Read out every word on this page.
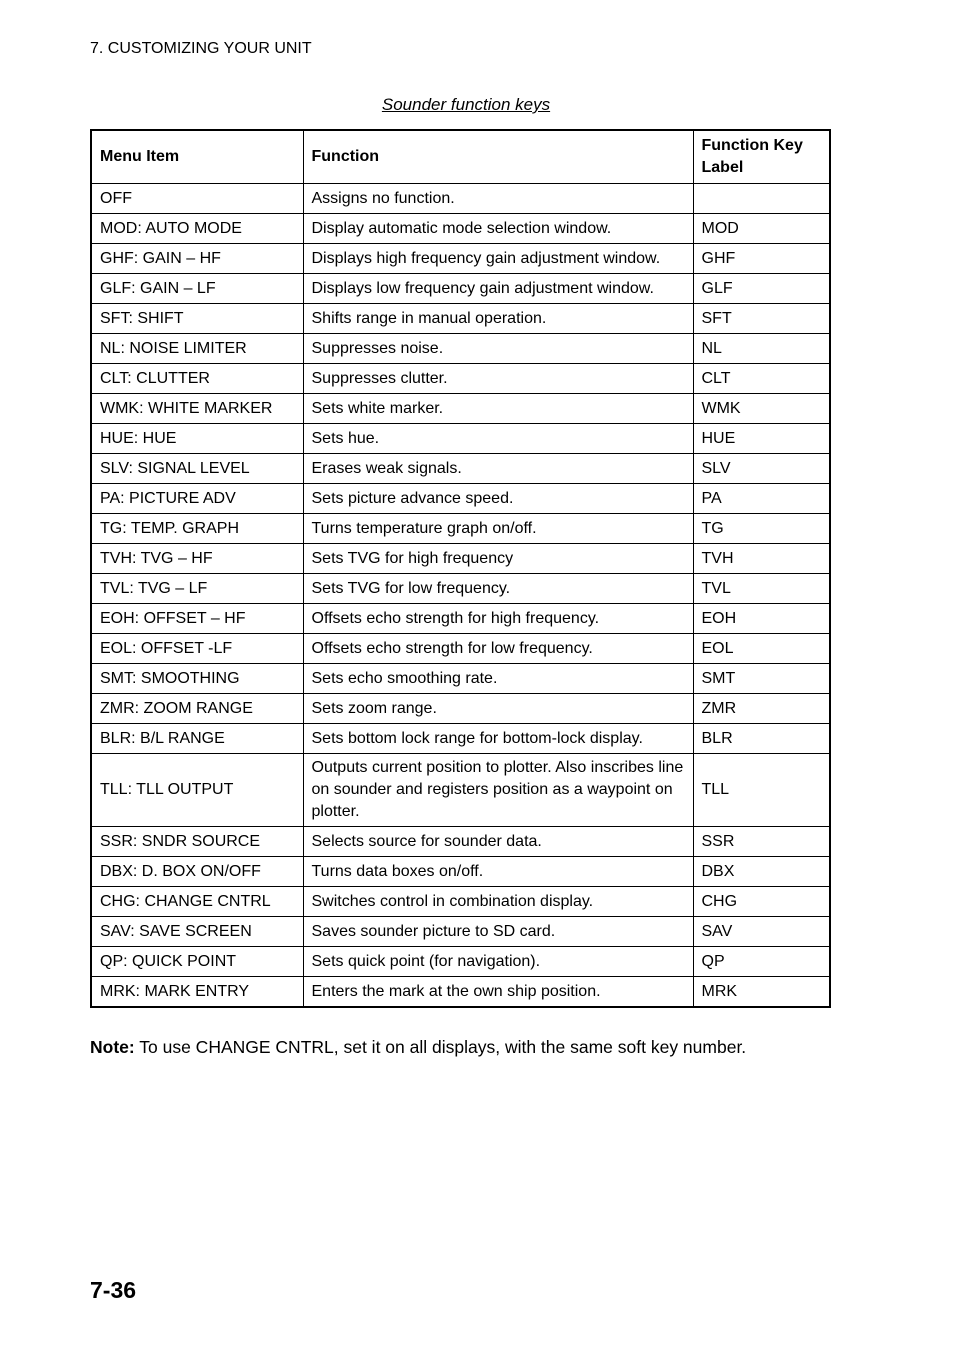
7. CUSTOMIZING YOUR UNIT
Sounder function keys
Menu Item	Function	Function Key Label
OFF	Assigns no function.	
MOD: AUTO MODE	Display automatic mode selection window.	MOD
GHF: GAIN – HF	Displays high frequency gain adjustment window.	GHF
GLF: GAIN – LF	Displays low frequency gain adjustment window.	GLF
SFT: SHIFT	Shifts range in manual operation.	SFT
NL: NOISE LIMITER	Suppresses noise.	NL
CLT: CLUTTER	Suppresses clutter.	CLT
WMK: WHITE MARKER	Sets white marker.	WMK
HUE: HUE	Sets hue.	HUE
SLV: SIGNAL LEVEL	Erases weak signals.	SLV
PA: PICTURE ADV	Sets picture advance speed.	PA
TG: TEMP. GRAPH	Turns temperature graph on/off.	TG
TVH: TVG – HF	Sets TVG for high frequency	TVH
TVL: TVG – LF	Sets TVG for low frequency.	TVL
EOH: OFFSET – HF	Offsets echo strength for high frequency.	EOH
EOL: OFFSET -LF	Offsets echo strength for low frequency.	EOL
SMT: SMOOTHING	Sets echo smoothing rate.	SMT
ZMR: ZOOM RANGE	Sets zoom range.	ZMR
BLR: B/L RANGE	Sets bottom lock range for bottom-lock display.	BLR
TLL: TLL OUTPUT	Outputs current position to plotter. Also inscribes line on sounder and registers position as a waypoint on plotter.	TLL
SSR: SNDR SOURCE	Selects source for sounder data.	SSR
DBX: D. BOX ON/OFF	Turns data boxes on/off.	DBX
CHG: CHANGE CNTRL	Switches control in combination display.	CHG
SAV: SAVE SCREEN	Saves sounder picture to SD card.	SAV
QP: QUICK POINT	Sets quick point (for navigation).	QP
MRK: MARK ENTRY	Enters the mark at the own ship position.	MRK
Note: To use CHANGE CNTRL, set it on all displays, with the same soft key number.
7-36
